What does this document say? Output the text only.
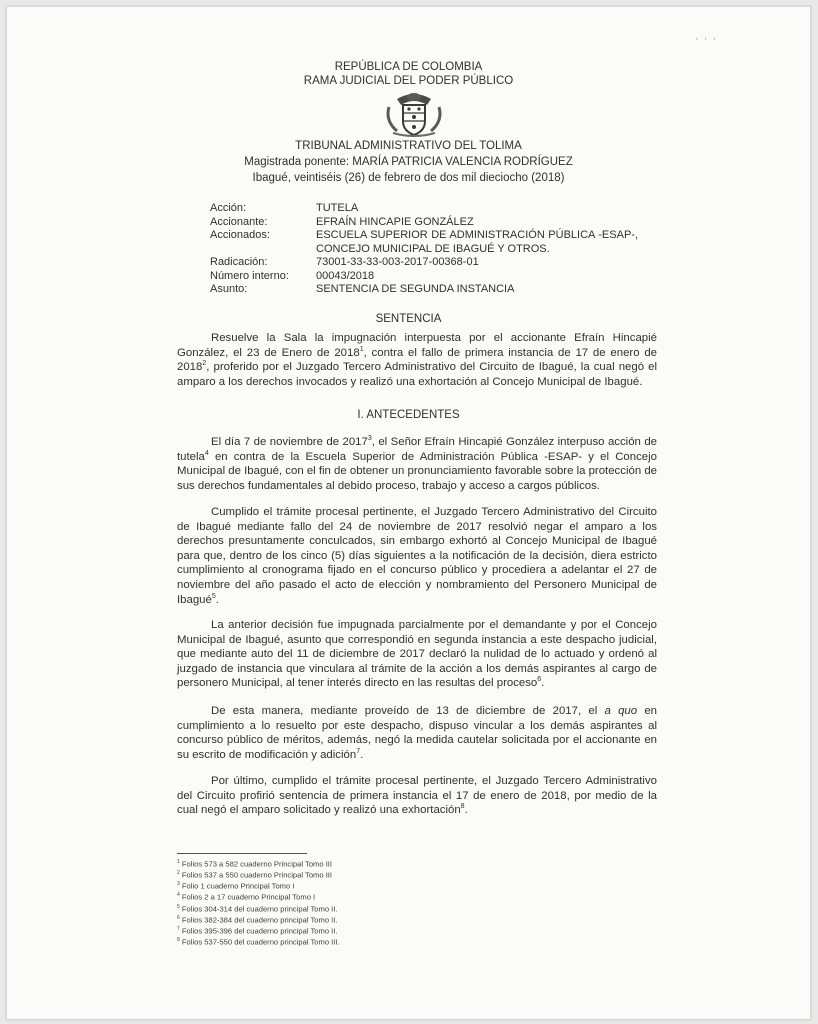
· · ·
REPÚBLICA DE COLOMBIA
RAMA JUDICIAL DEL PODER PÚBLICO
TRIBUNAL ADMINISTRATIVO DEL TOLIMA
Magistrada ponente: MARÍA PATRICIA VALENCIA RODRÍGUEZ
Ibagué, veintiséis (26) de febrero de dos mil dieciocho (2018)
Acción:	TUTELA
Accionante:	EFRAÍN HINCAPIE GONZÁLEZ
Accionados:	ESCUELA SUPERIOR DE ADMINISTRACIÓN PÚBLICA -ESAP-, CONCEJO MUNICIPAL DE IBAGUÉ Y OTROS.
Radicación:	73001-33-33-003-2017-00368-01
Número interno:	00043/2018
Asunto:	SENTENCIA DE SEGUNDA INSTANCIA
SENTENCIA

Resuelve la Sala la impugnación interpuesta por el accionante Efraín Hincapié González, el 23 de Enero de 2018$^1$, contra el fallo de primera instancia de 17 de enero de 2018$^2$, proferido por el Juzgado Tercero Administrativo del Circuito de Ibagué, la cual negó el amparo a los derechos invocados y realizó una exhortación al Concejo Municipal de Ibagué.

I. ANTECEDENTES

El día 7 de noviembre de 2017$^3$, el Señor Efraín Hincapié González interpuso acción de tutela$^4$ en contra de la Escuela Superior de Administración Pública -ESAP- y el Concejo Municipal de Ibagué, con el fin de obtener un pronunciamiento favorable sobre la protección de sus derechos fundamentales al debido proceso, trabajo y acceso a cargos públicos.

Cumplido el trámite procesal pertinente, el Juzgado Tercero Administrativo del Circuito de Ibagué mediante fallo del 24 de noviembre de 2017 resolvió negar el amparo a los derechos presuntamente conculcados, sin embargo exhortó al Concejo Municipal de Ibagué para que, dentro de los cinco (5) días siguientes a la notificación de la decisión, diera estricto cumplimiento al cronograma fijado en el concurso público y procediera a adelantar el 27 de noviembre del año pasado el acto de elección y nombramiento del Personero Municipal de Ibagué$^5$.

La anterior decisión fue impugnada parcialmente por el demandante y por el Concejo Municipal de Ibagué, asunto que correspondió en segunda instancia a este despacho judicial, que mediante auto del 11 de diciembre de 2017 declaró la nulidad de lo actuado y ordenó al juzgado de instancia que vinculara al trámite de la acción a los demás aspirantes al cargo de personero Municipal, al tener interés directo en las resultas del proceso$^6$.

De esta manera, mediante proveído de 13 de diciembre de 2017, el a quo en cumplimiento a lo resuelto por este despacho, dispuso vincular a los demás aspirantes al concurso público de méritos, además, negó la medida cautelar solicitada por el accionante en su escrito de modificación y adición$^7$.

Por último, cumplido el trámite procesal pertinente, el Juzgado Tercero Administrativo del Circuito profirió sentencia de primera instancia el 17 de enero de 2018, por medio de la cual negó el amparo solicitado y realizó una exhortación$^8$.

$^1$ Folios 573 a 582 cuaderno Principal Tomo III
$^2$ Folios 537 a 550 cuaderno Principal Tomo III
$^3$ Folio 1 cuaderno Principal Tomo I
$^4$ Folios 2 a 17 cuaderno Principal Tomo I
$^5$ Folios 304-314 del cuaderno principal Tomo II.
$^6$ Folios 382-384 del cuaderno principal Tomo II.
$^7$ Folios 395-396 del cuaderno principal Tomo II.
$^8$ Folios 537-550 del cuaderno principal Tomo III.
